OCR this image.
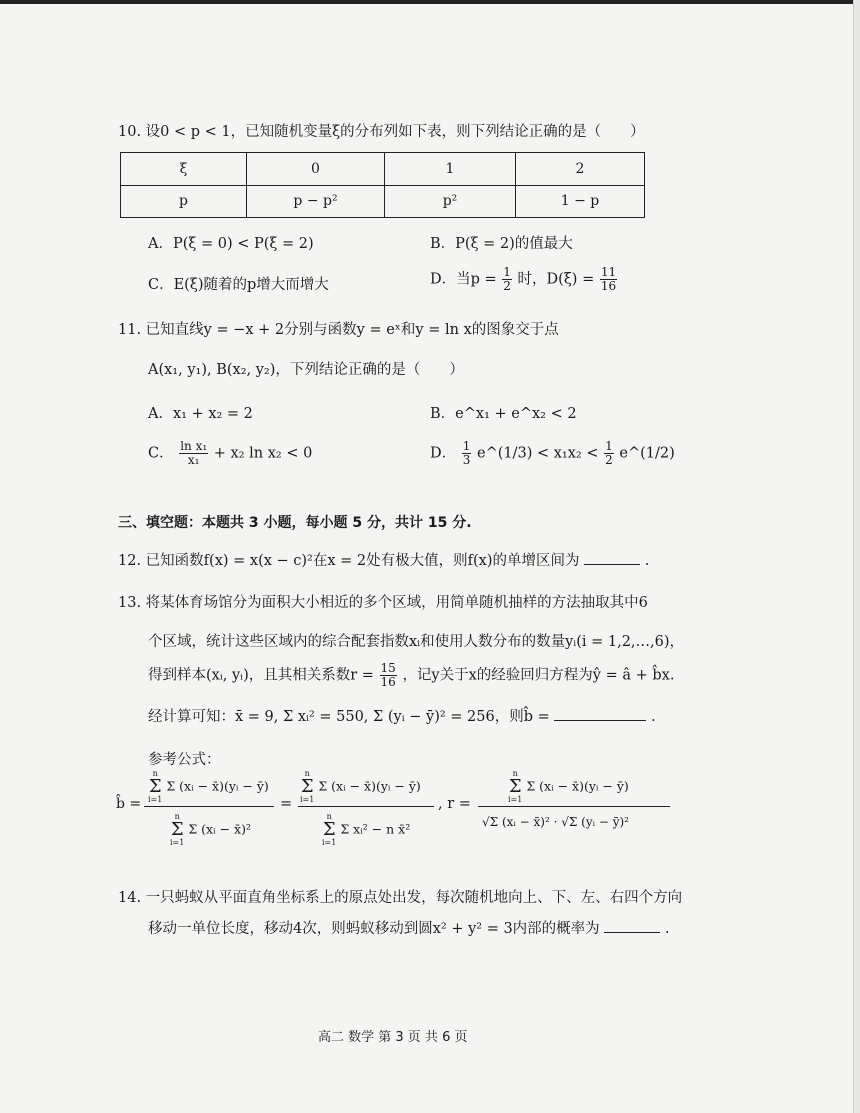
10. 设0 < p < 1，已知随机变量ξ的分布列如下表，则下列结论正确的是（　　）
ξ	0	1	2
p	p − p²	p²	1 − p
A．P(ξ = 0) < P(ξ = 2)	B．P(ξ = 2)的值最大
C．E(ξ)随着的p增大而增大	D．当$p = \frac{1}{2}$ 时，$D(\xi) = \frac{11}{16}$
11. 已知直线y = −x + 2分别与函数y = eˣ和y = ln x的图象交于点
A(x₁, y₁), B(x₂, y₂)，下列结论正确的是（　　）
A．x₁ + x₂ = 2	B．e^x₁ + e^x₂ < 2
C． $\frac{\text{ln x₁}}{\text{x₁}} + x_2$ ln x₂ < 0	D． $\frac{1}{3}$ e^(1/3) < $x_1x_2 < \frac{1}{2}$ e^(1/2)
三、填空题：本题共 3 小题，每小题 5 分，共计 15 分.
12. 已知函数f(x) = x(x − c)²在x = 2处有极大值，则f(x)的单增区间为	.
13. 将某体育场馆分为面积大小相近的多个区域，用简单随机抽样的方法抽取其中6
个区域，统计这些区域内的综合配套指数xᵢ和使用人数分布的数量yᵢ(i = 1,2,…,6)，
得到样本(xᵢ, yᵢ)，且其相关系数$r = \frac{15}{16}$ ，记y关于x的经验回归方程为ŷ = â + b̂x.
经计算可知：x̄ = 9, Σ xᵢ² = 550, Σ (yᵢ − ȳ)² = 256，则b̂ =	.
参考公式：
b̂ =
n
Σ
i=1
Σ (xᵢ − x̄)(yᵢ − ȳ)
n
Σ
i=1
Σ (xᵢ − x̄)²
=
n
Σ
i=1
Σ (xᵢ − x̄)(yᵢ − ȳ)
n
Σ
i=1
Σ xᵢ² − n x̄²
, r =
n
Σ
i=1
Σ (xᵢ − x̄)(yᵢ − ȳ)
√Σ (xᵢ − x̄)² · √Σ (yᵢ − ȳ)²
14. 一只蚂蚁从平面直角坐标系上的原点处出发，每次随机地向上、下、左、右四个方向
移动一单位长度，移动4次，则蚂蚁移动到圆x² + y² = 3内部的概率为	.
高二 数学 第 3 页 共 6 页
